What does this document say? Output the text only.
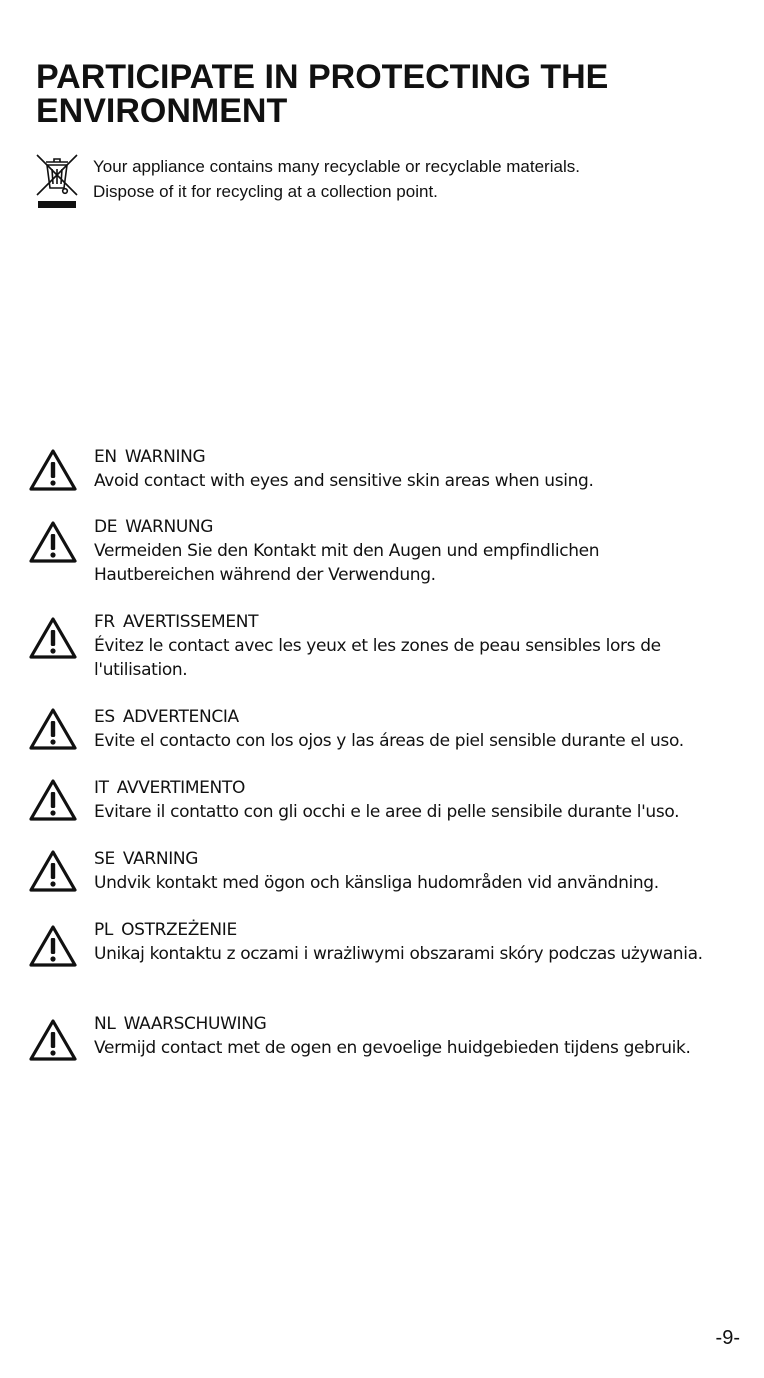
PARTICIPATE IN PROTECTING THE
ENVIRONMENT
Your appliance contains many recyclable or recyclable materials.
Dispose of it for recycling at a collection point.
EN WARNING
Avoid contact with eyes and sensitive skin areas when using.
DE WARNUNG
Vermeiden Sie den Kontakt mit den Augen und empfindlichen Hautbereichen während der Verwendung.
FR AVERTISSEMENT
Évitez le contact avec les yeux et les zones de peau sensibles lors de l'utilisation.
ES ADVERTENCIA
Evite el contacto con los ojos y las áreas de piel sensible durante el uso.
IT AVVERTIMENTO
Evitare il contatto con gli occhi e le aree di pelle sensibile durante l'uso.
SE VARNING
Undvik kontakt med ögon och känsliga hudområden vid användning.
PL OSTRZEŻENIE
Unikaj kontaktu z oczami i wrażliwymi obszarami skóry podczas używania.
NL WAARSCHUWING
Vermijd contact met de ogen en gevoelige huidgebieden tijdens gebruik.
-9-
